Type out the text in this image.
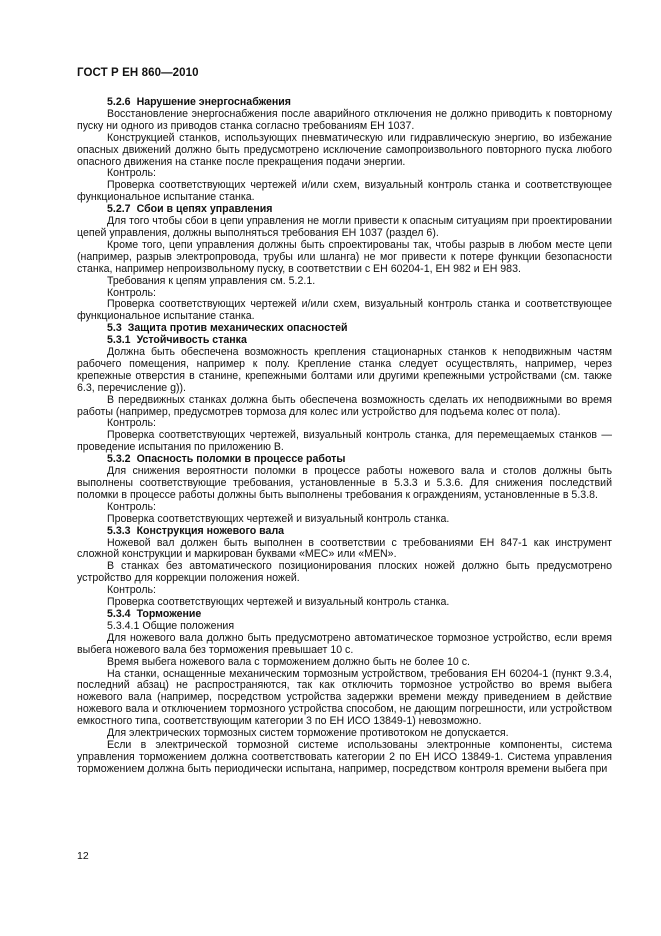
ГОСТ Р ЕН 860—2010

5.2.6 Нарушение энергоснабжения

Восстановление энергоснабжения после аварийного отключения не должно приводить к повторному пуску ни одного из приводов станка согласно требованиям ЕН 1037.

Конструкцией станков, использующих пневматическую или гидравлическую энергию, во избежание опасных движений должно быть предусмотрено исключение самопроизвольного повторного пуска любого опасного движения на станке после прекращения подачи энергии.

Контроль:

Проверка соответствующих чертежей и/или схем, визуальный контроль станка и соответствующее функциональное испытание станка.

5.2.7 Сбои в цепях управления

Для того чтобы сбои в цепи управления не могли привести к опасным ситуациям при проектировании цепей управления, должны выполняться требования ЕН 1037 (раздел 6).

Кроме того, цепи управления должны быть спроектированы так, чтобы разрыв в любом месте цепи (например, разрыв электропровода, трубы или шланга) не мог привести к потере функции безопасности станка, например непроизвольному пуску, в соответствии с ЕН 60204-1, ЕН 982 и ЕН 983.

Требования к цепям управления см. 5.2.1.

Контроль:

Проверка соответствующих чертежей и/или схем, визуальный контроль станка и соответствующее функциональное испытание станка.

5.3 Защита против механических опасностей

5.3.1 Устойчивость станка

Должна быть обеспечена возможность крепления стационарных станков к неподвижным частям рабочего помещения, например к полу. Крепление станка следует осуществлять, например, через крепежные отверстия в станине, крепежными болтами или другими крепежными устройствами (см. также 6.3, перечисление g)).

В передвижных станках должна быть обеспечена возможность сделать их неподвижными во время работы (например, предусмотрев тормоза для колес или устройство для подъема колес от пола).

Контроль:

Проверка соответствующих чертежей, визуальный контроль станка, для перемещаемых станков — проведение испытания по приложению В.

5.3.2 Опасность поломки в процессе работы

Для снижения вероятности поломки в процессе работы ножевого вала и столов должны быть выполнены соответствующие требования, установленные в 5.3.3 и 5.3.6. Для снижения последствий поломки в процессе работы должны быть выполнены требования к ограждениям, установленные в 5.3.8.

Контроль:

Проверка соответствующих чертежей и визуальный контроль станка.

5.3.3 Конструкция ножевого вала

Ножевой вал должен быть выполнен в соответствии с требованиями ЕН 847-1 как инструмент сложной конструкции и маркирован буквами «МЕС» или «MEN».

В станках без автоматического позиционирования плоских ножей должно быть предусмотрено устройство для коррекции положения ножей.

Контроль:

Проверка соответствующих чертежей и визуальный контроль станка.

5.3.4 Торможение

5.3.4.1 Общие положения

Для ножевого вала должно быть предусмотрено автоматическое тормозное устройство, если время выбега ножевого вала без торможения превышает 10 с.

Время выбега ножевого вала с торможением должно быть не более 10 с.

На станки, оснащенные механическим тормозным устройством, требования ЕН 60204-1 (пункт 9.3.4, последний абзац) не распространяются, так как отключить тормозное устройство во время выбега ножевого вала (например, посредством устройства задержки времени между приведением в действие ножевого вала и отключением тормозного устройства способом, не дающим погрешности, или устройством емкостного типа, соответствующим категории 3 по ЕН ИСО 13849-1) невозможно.

Для электрических тормозных систем торможение противотоком не допускается.

Если в электрической тормозной системе использованы электронные компоненты, система управления торможением должна соответствовать категории 2 по ЕН ИСО 13849-1. Система управления торможением должна быть периодически испытана, например, посредством контроля времени выбега при

12
